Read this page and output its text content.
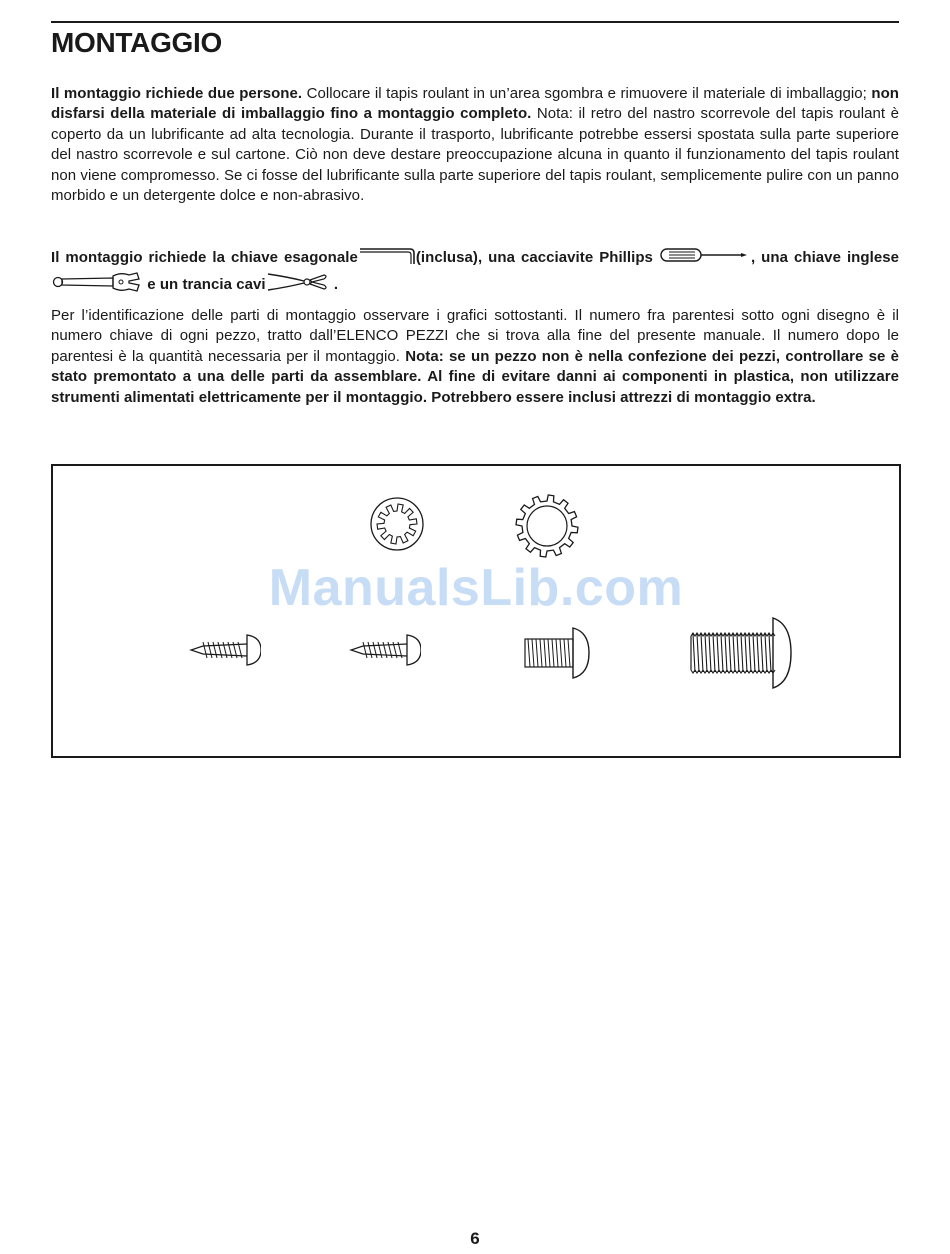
MONTAGGIO

Il montaggio richiede due persone. Collocare il tapis roulant in un’area sgombra e rimuovere il materiale di imballaggio; non disfarsi della materiale di imballaggio fino a montaggio completo. Nota: il retro del nastro scorrevole del tapis roulant è coperto da un lubrificante ad alta tecnologia. Durante il trasporto, lubrificante potrebbe essersi spostata sulla parte superiore del nastro scorrevole e sul cartone. Ciò non deve destare preoccupazione alcuna in quanto il funzionamento del tapis roulant non viene compromesso. Se ci fosse del lubrificante sulla parte superiore del tapis roulant, semplicemente pulire con un panno morbido e un detergente dolce e non-abrasivo.

Il montaggio richiede la chiave esagonale	(inclusa), una cacciavite Phillips	, una chiave inglese e un trancia cavi	.

Per l’identificazione delle parti di montaggio osservare i grafici sottostanti. Il numero fra parentesi sotto ogni disegno è il numero chiave di ogni pezzo, tratto dall’ELENCO PEZZI che si trova alla fine del presente manuale. Il numero dopo le parentesi è la quantità necessaria per il montaggio. Nota: se un pezzo non è nella confezione dei pezzi, controllare se è stato premontato a una delle parti da assemblare. Al fine di evitare danni ai componenti in plastica, non utilizzare strumenti alimentati elettricamente per il montaggio. Potrebbero essere inclusi attrezzi di montaggio extra.

ManualsLib.com
6
